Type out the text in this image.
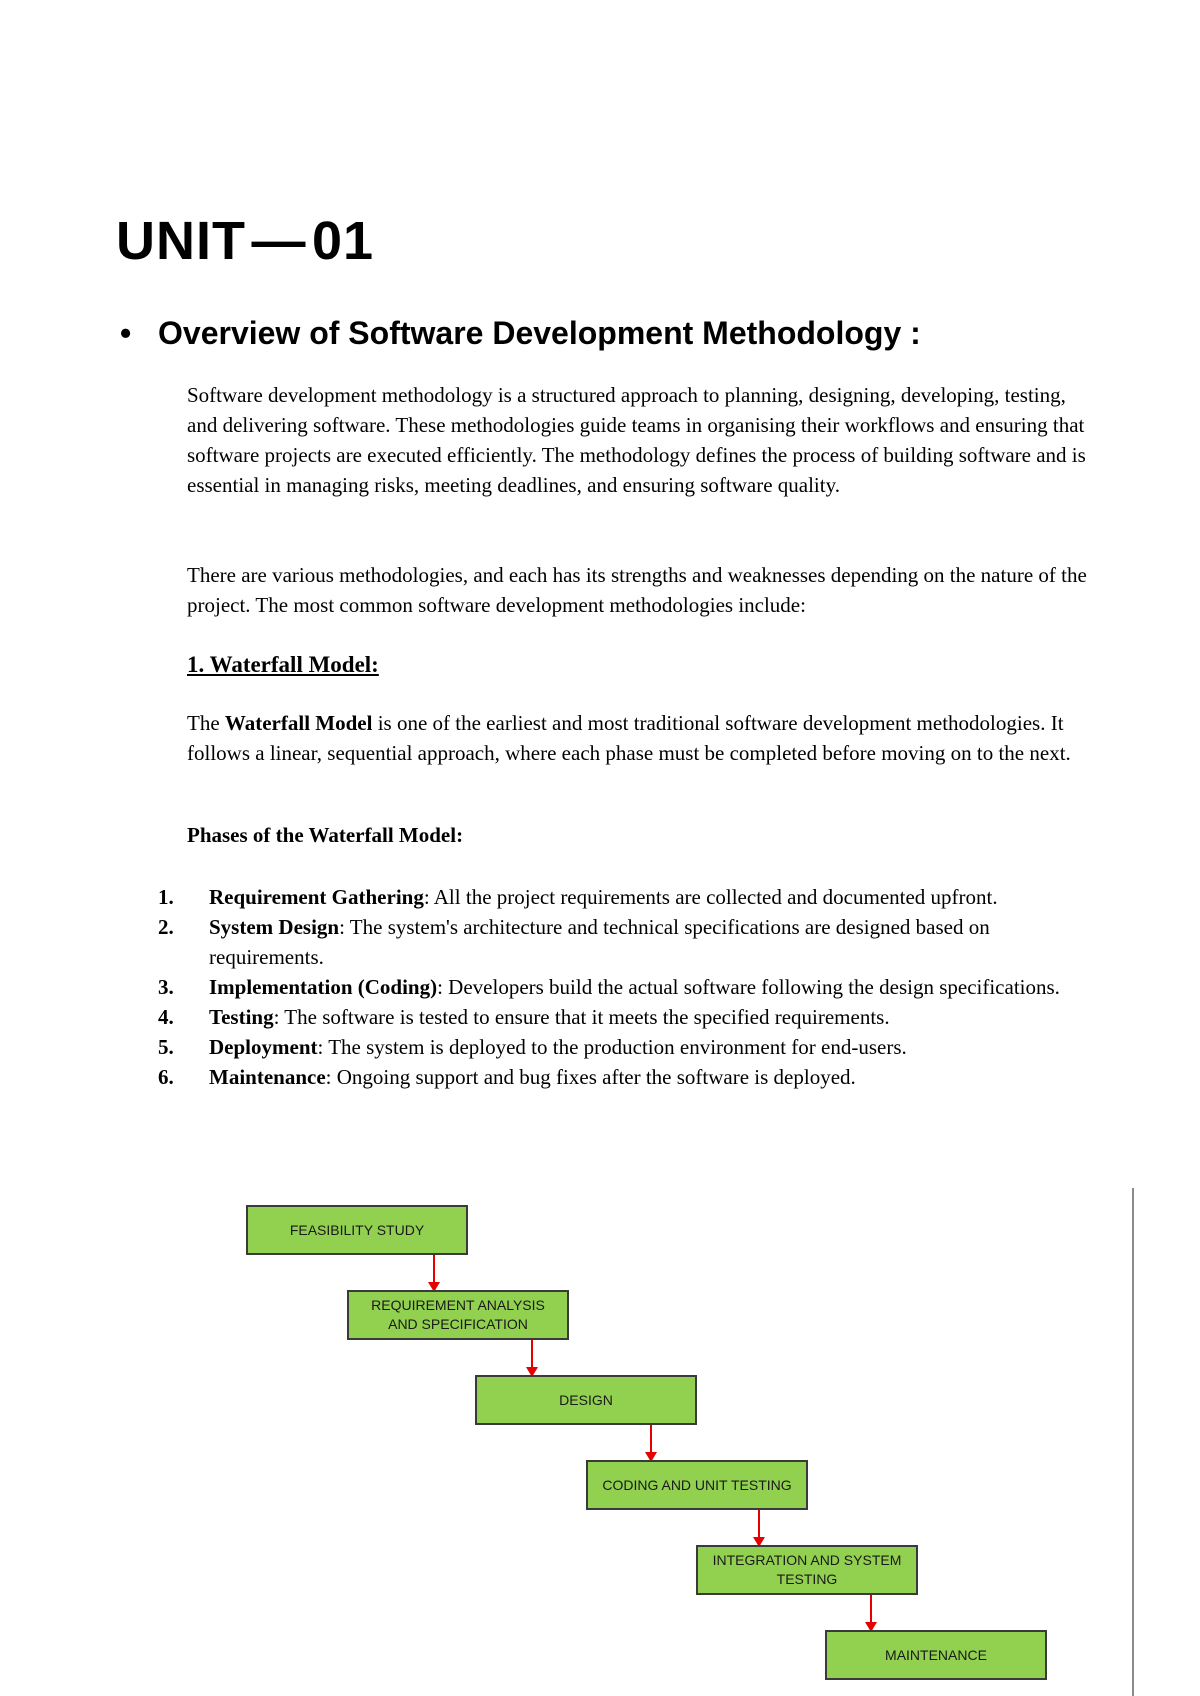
UNIT — 01
• Overview of Software Development Methodology :

Software development methodology is a structured approach to planning, designing, developing, testing, and delivering software. These methodologies guide teams in organising their workflows and ensuring that software projects are executed efficiently. The methodology defines the process of building software and is essential in managing risks, meeting deadlines, and ensuring software quality.

There are various methodologies, and each has its strengths and weaknesses depending on the nature of the project. The most common software development methodologies include:

1. Waterfall Model:

The Waterfall Model is one of the earliest and most traditional software development methodologies. It follows a linear, sequential approach, where each phase must be completed before moving on to the next.

Phases of the Waterfall Model:

1. Requirement Gathering: All the project requirements are collected and documented upfront.
2. System Design: The system's architecture and technical specifications are designed based on requirements.
3. Implementation (Coding): Developers build the actual software following the design specifications.
4. Testing: The software is tested to ensure that it meets the specified requirements.
5. Deployment: The system is deployed to the production environment for end-users.
6. Maintenance: Ongoing support and bug fixes after the software is deployed.
FEASIBILITY STUDY
REQUIREMENT ANALYSIS AND SPECIFICATION
DESIGN
CODING AND UNIT TESTING
INTEGRATION AND SYSTEM TESTING
MAINTENANCE
